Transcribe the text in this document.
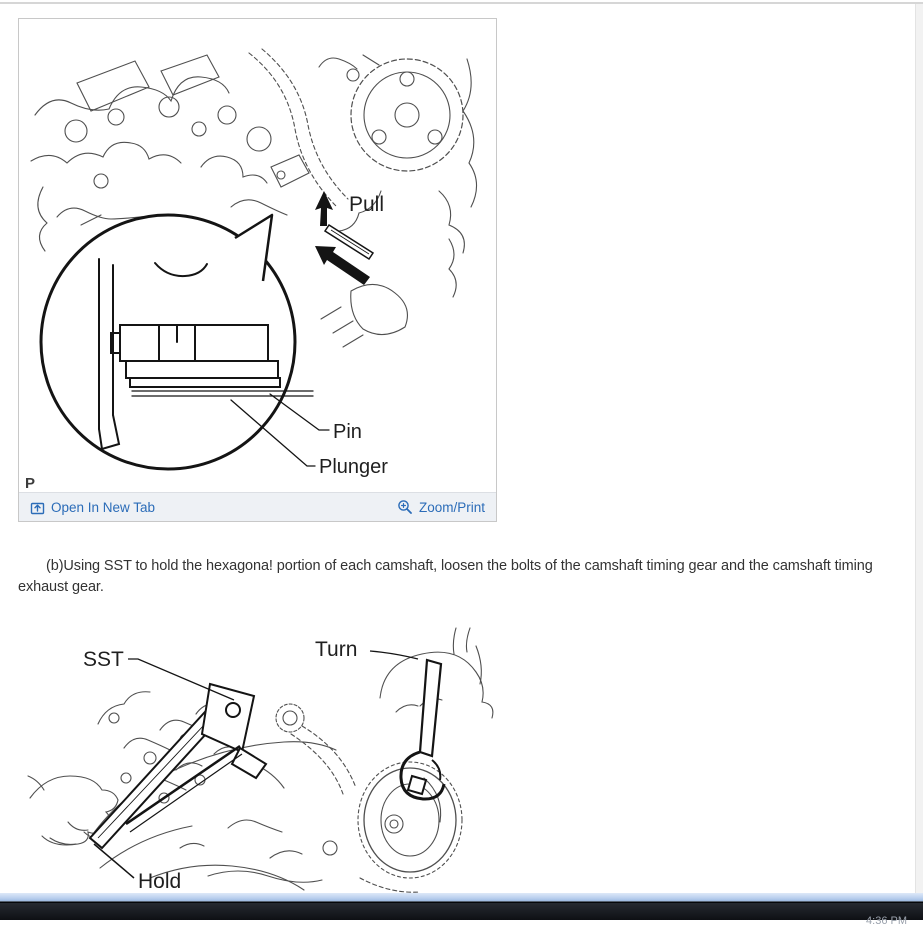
Pull
Pin
Plunger
P
Open In New Tab	Zoom/Print

(b)Using SST to hold the hexagona! portion of each camshaft, loosen the bolts of the camshaft timing gear and the camshaft timing exhaust gear.

SST	Turn
Hold
4:36 PM
